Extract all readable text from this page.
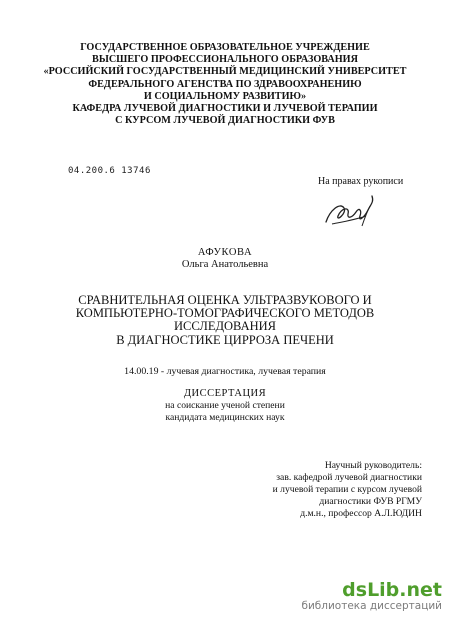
ГОСУДАРСТВЕННОЕ ОБРАЗОВАТЕЛЬНОЕ УЧРЕЖДЕНИЕ
ВЫСШЕГО ПРОФЕССИОНАЛЬНОГО ОБРАЗОВАНИЯ
«РОССИЙСКИЙ ГОСУДАРСТВЕННЫЙ МЕДИЦИНСКИЙ УНИВЕРСИТЕТ
ФЕДЕРАЛЬНОГО АГЕНСТВА ПО ЗДРАВООХРАНЕНИЮ
И СОЦИАЛЬНОМУ РАЗВИТИЮ»
КАФЕДРА ЛУЧЕВОЙ ДИАГНОСТИКИ И ЛУЧЕВОЙ ТЕРАПИИ
С КУРСОМ ЛУЧЕВОЙ ДИАГНОСТИКИ ФУВ
04.200.6 13746
На правах рукописи
АФУКОВА
Ольга Анатольевна
СРАВНИТЕЛЬНАЯ ОЦЕНКА УЛЬТРАЗВУКОВОГО И
КОМПЬЮТЕРНО-ТОМОГРАФИЧЕСКОГО МЕТОДОВ
ИССЛЕДОВАНИЯ
В ДИАГНОСТИКЕ ЦИРРОЗА ПЕЧЕНИ
14.00.19 - лучевая диагностика, лучевая терапия
ДИССЕРТАЦИЯ
на соискание ученой степени
кандидата медицинских наук
Научный руководитель:
зав. кафедрой лучевой диагностики
и лучевой терапии с курсом лучевой
диагностики ФУВ РГМУ
д.м.н., профессор А.Л.ЮДИН
dsLib.net
библиотека диссертаций
